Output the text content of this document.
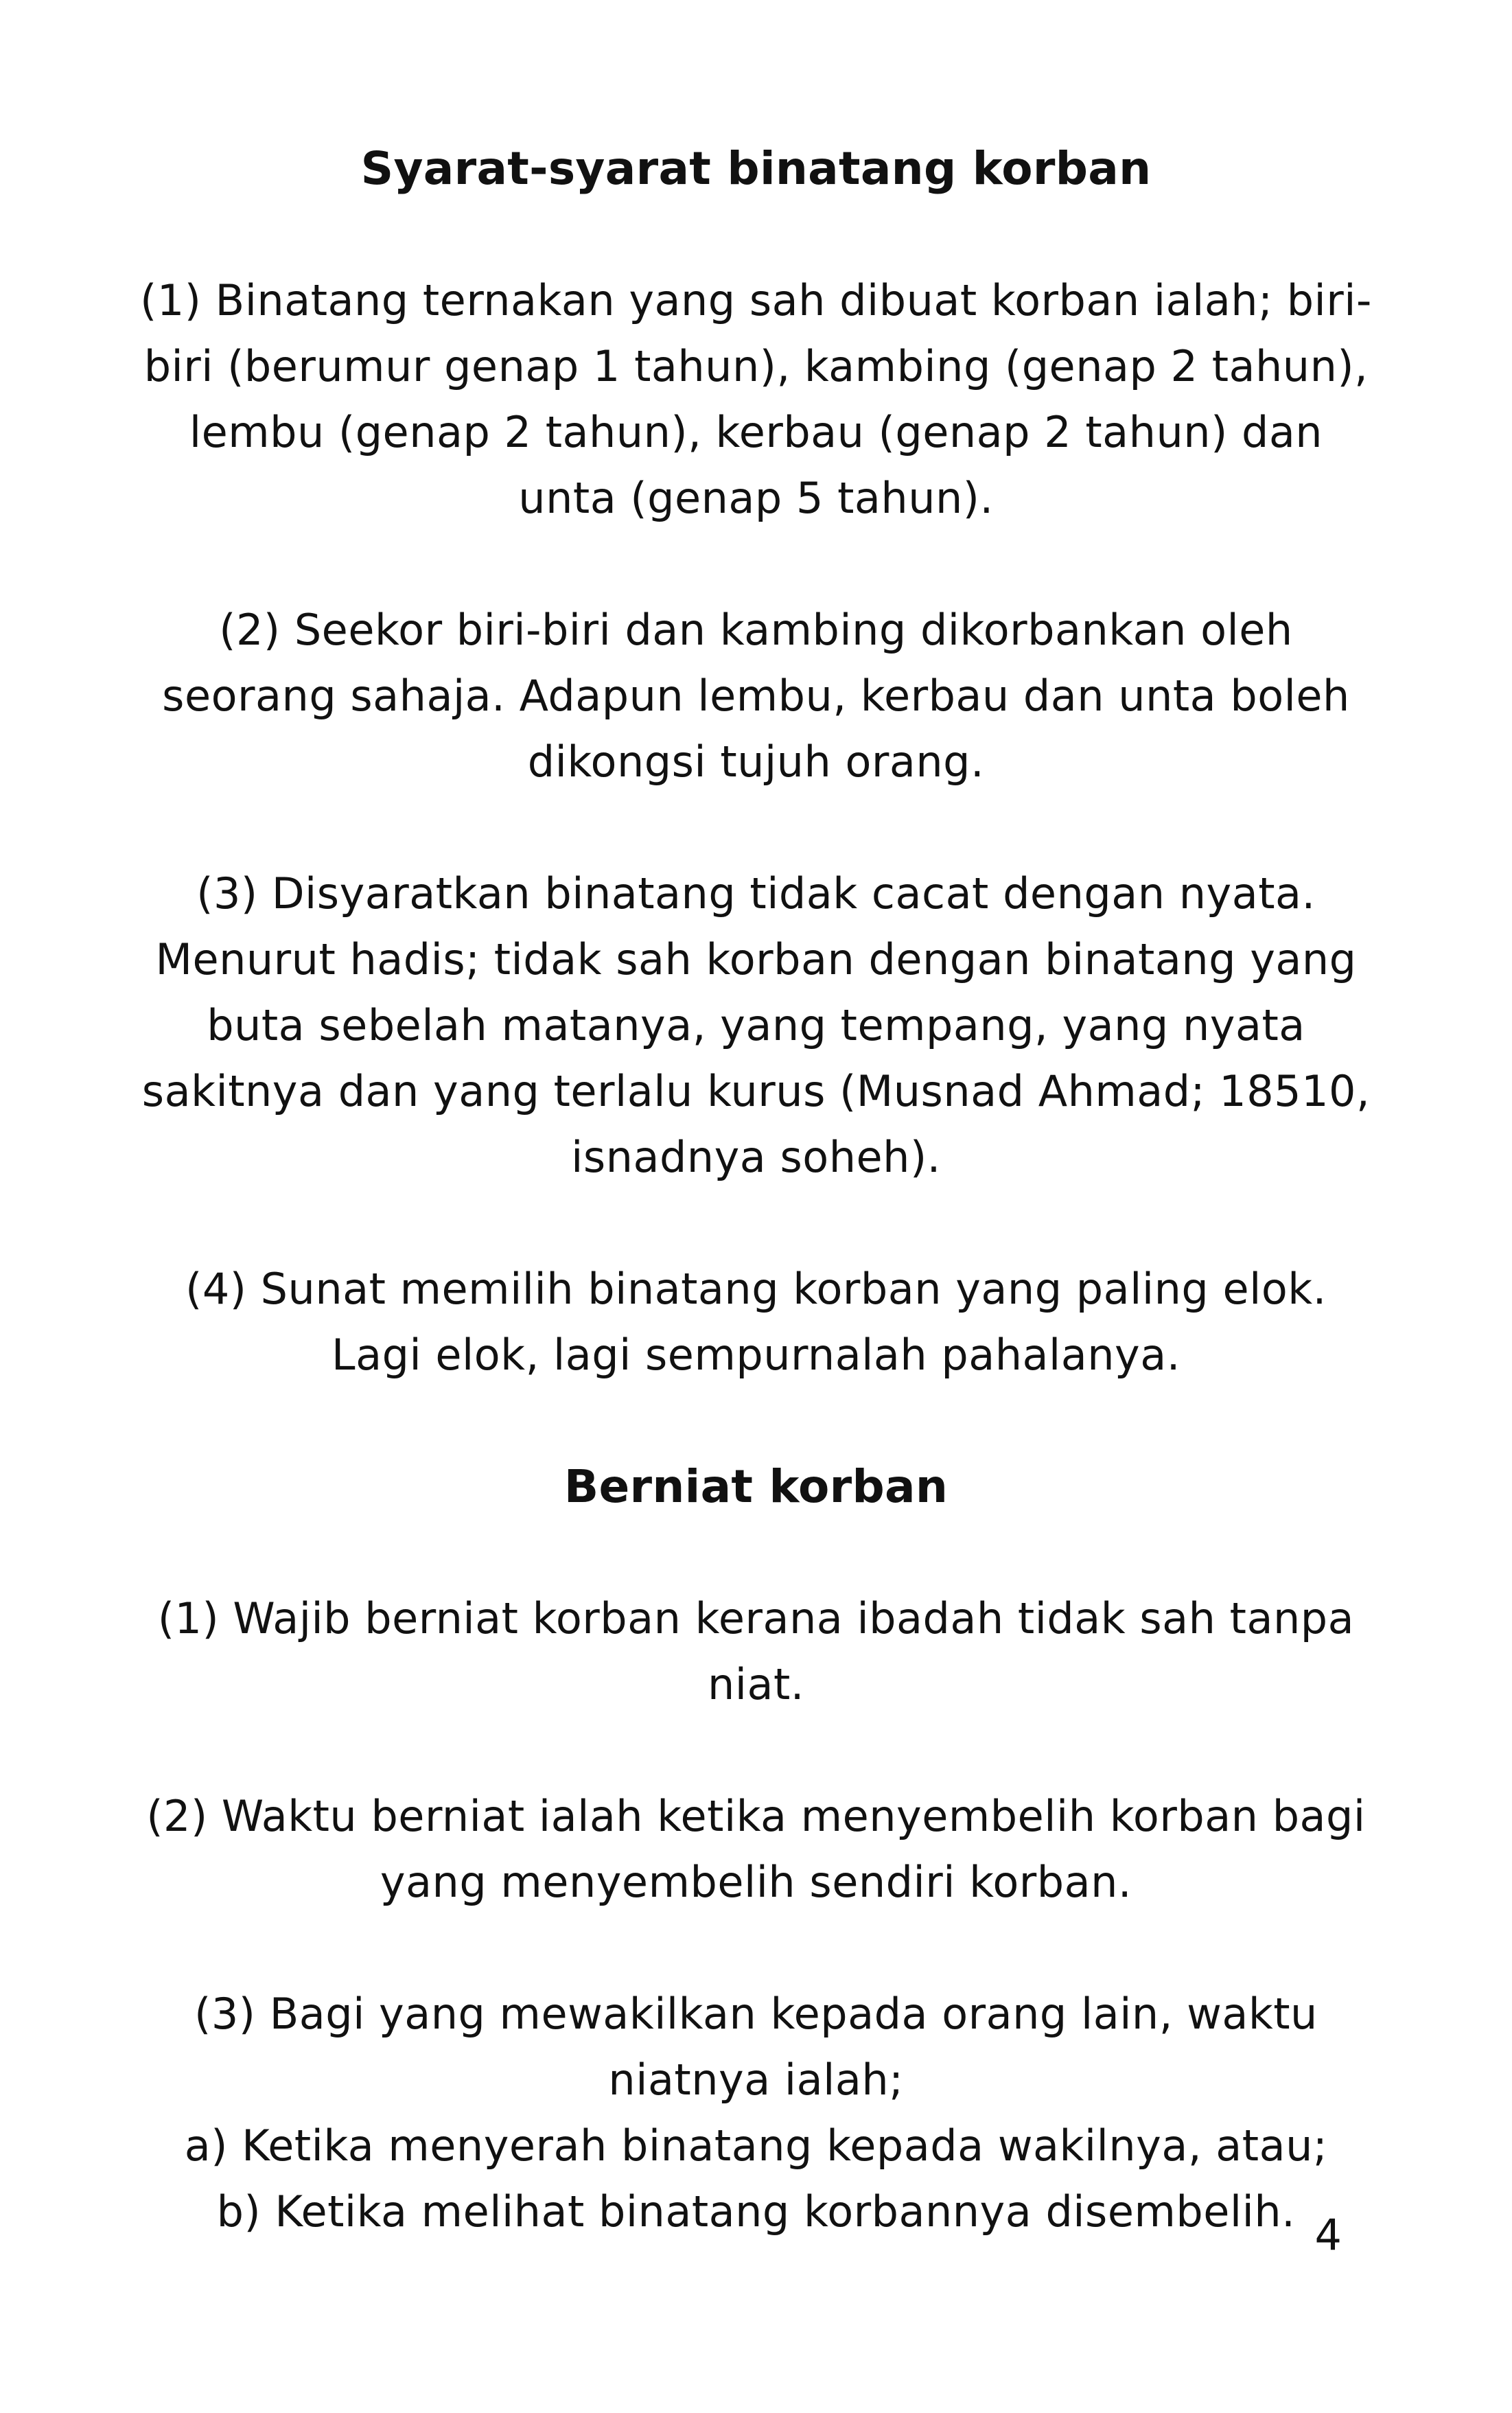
Syarat-syarat binatang korban

(1) Binatang ternakan yang sah dibuat korban ialah; biri-biri (berumur genap 1 tahun), kambing (genap 2 tahun), lembu (genap 2 tahun), kerbau (genap 2 tahun) dan unta (genap 5 tahun).

(2) Seekor biri-biri dan kambing dikorbankan oleh seorang sahaja. Adapun lembu, kerbau dan unta boleh dikongsi tujuh orang.

(3) Disyaratkan binatang tidak cacat dengan nyata. Menurut hadis; tidak sah korban dengan binatang yang buta sebelah matanya, yang tempang, yang nyata sakitnya dan yang terlalu kurus (Musnad Ahmad; 18510, isnadnya soheh).

(4) Sunat memilih binatang korban yang paling elok. Lagi elok, lagi sempurnalah pahalanya.

Berniat korban

(1) Wajib berniat korban kerana ibadah tidak sah tanpa niat.

(2) Waktu berniat ialah ketika menyembelih korban bagi yang menyembelih sendiri korban.

(3) Bagi yang mewakilkan kepada orang lain, waktu niatnya ialah;

a) Ketika menyerah binatang kepada wakilnya, atau;

b) Ketika melihat binatang korbannya disembelih. 4
